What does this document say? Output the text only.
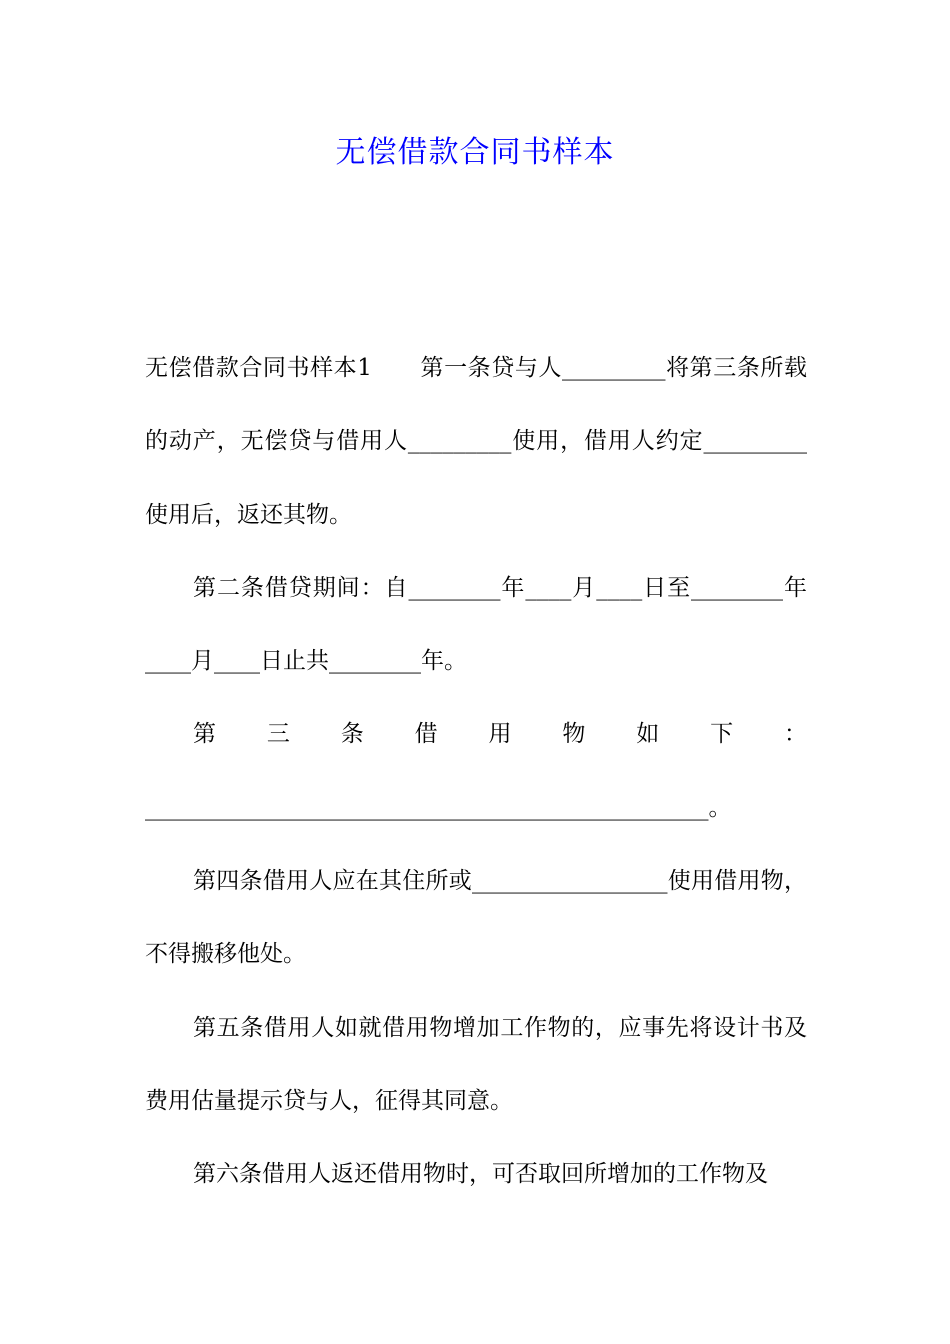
无偿借款合同书样本

无偿借款合同书样本1 第一条贷与人_________将第三条所载的动产，无偿贷与借用人_________使用，借用人约定_________使用后，返还其物。

第二条借贷期间：自________年____月____日至________年____月____日止共________年。

第三条借用物如下：_________________________________________________。

第四条借用人应在其住所或_________________使用借用物，不得搬移他处。

第五条借用人如就借用物增加工作物的，应事先将设计书及费用估量提示贷与人，征得其同意。

第六条借用人返还借用物时，可否取回所增加的工作物及
